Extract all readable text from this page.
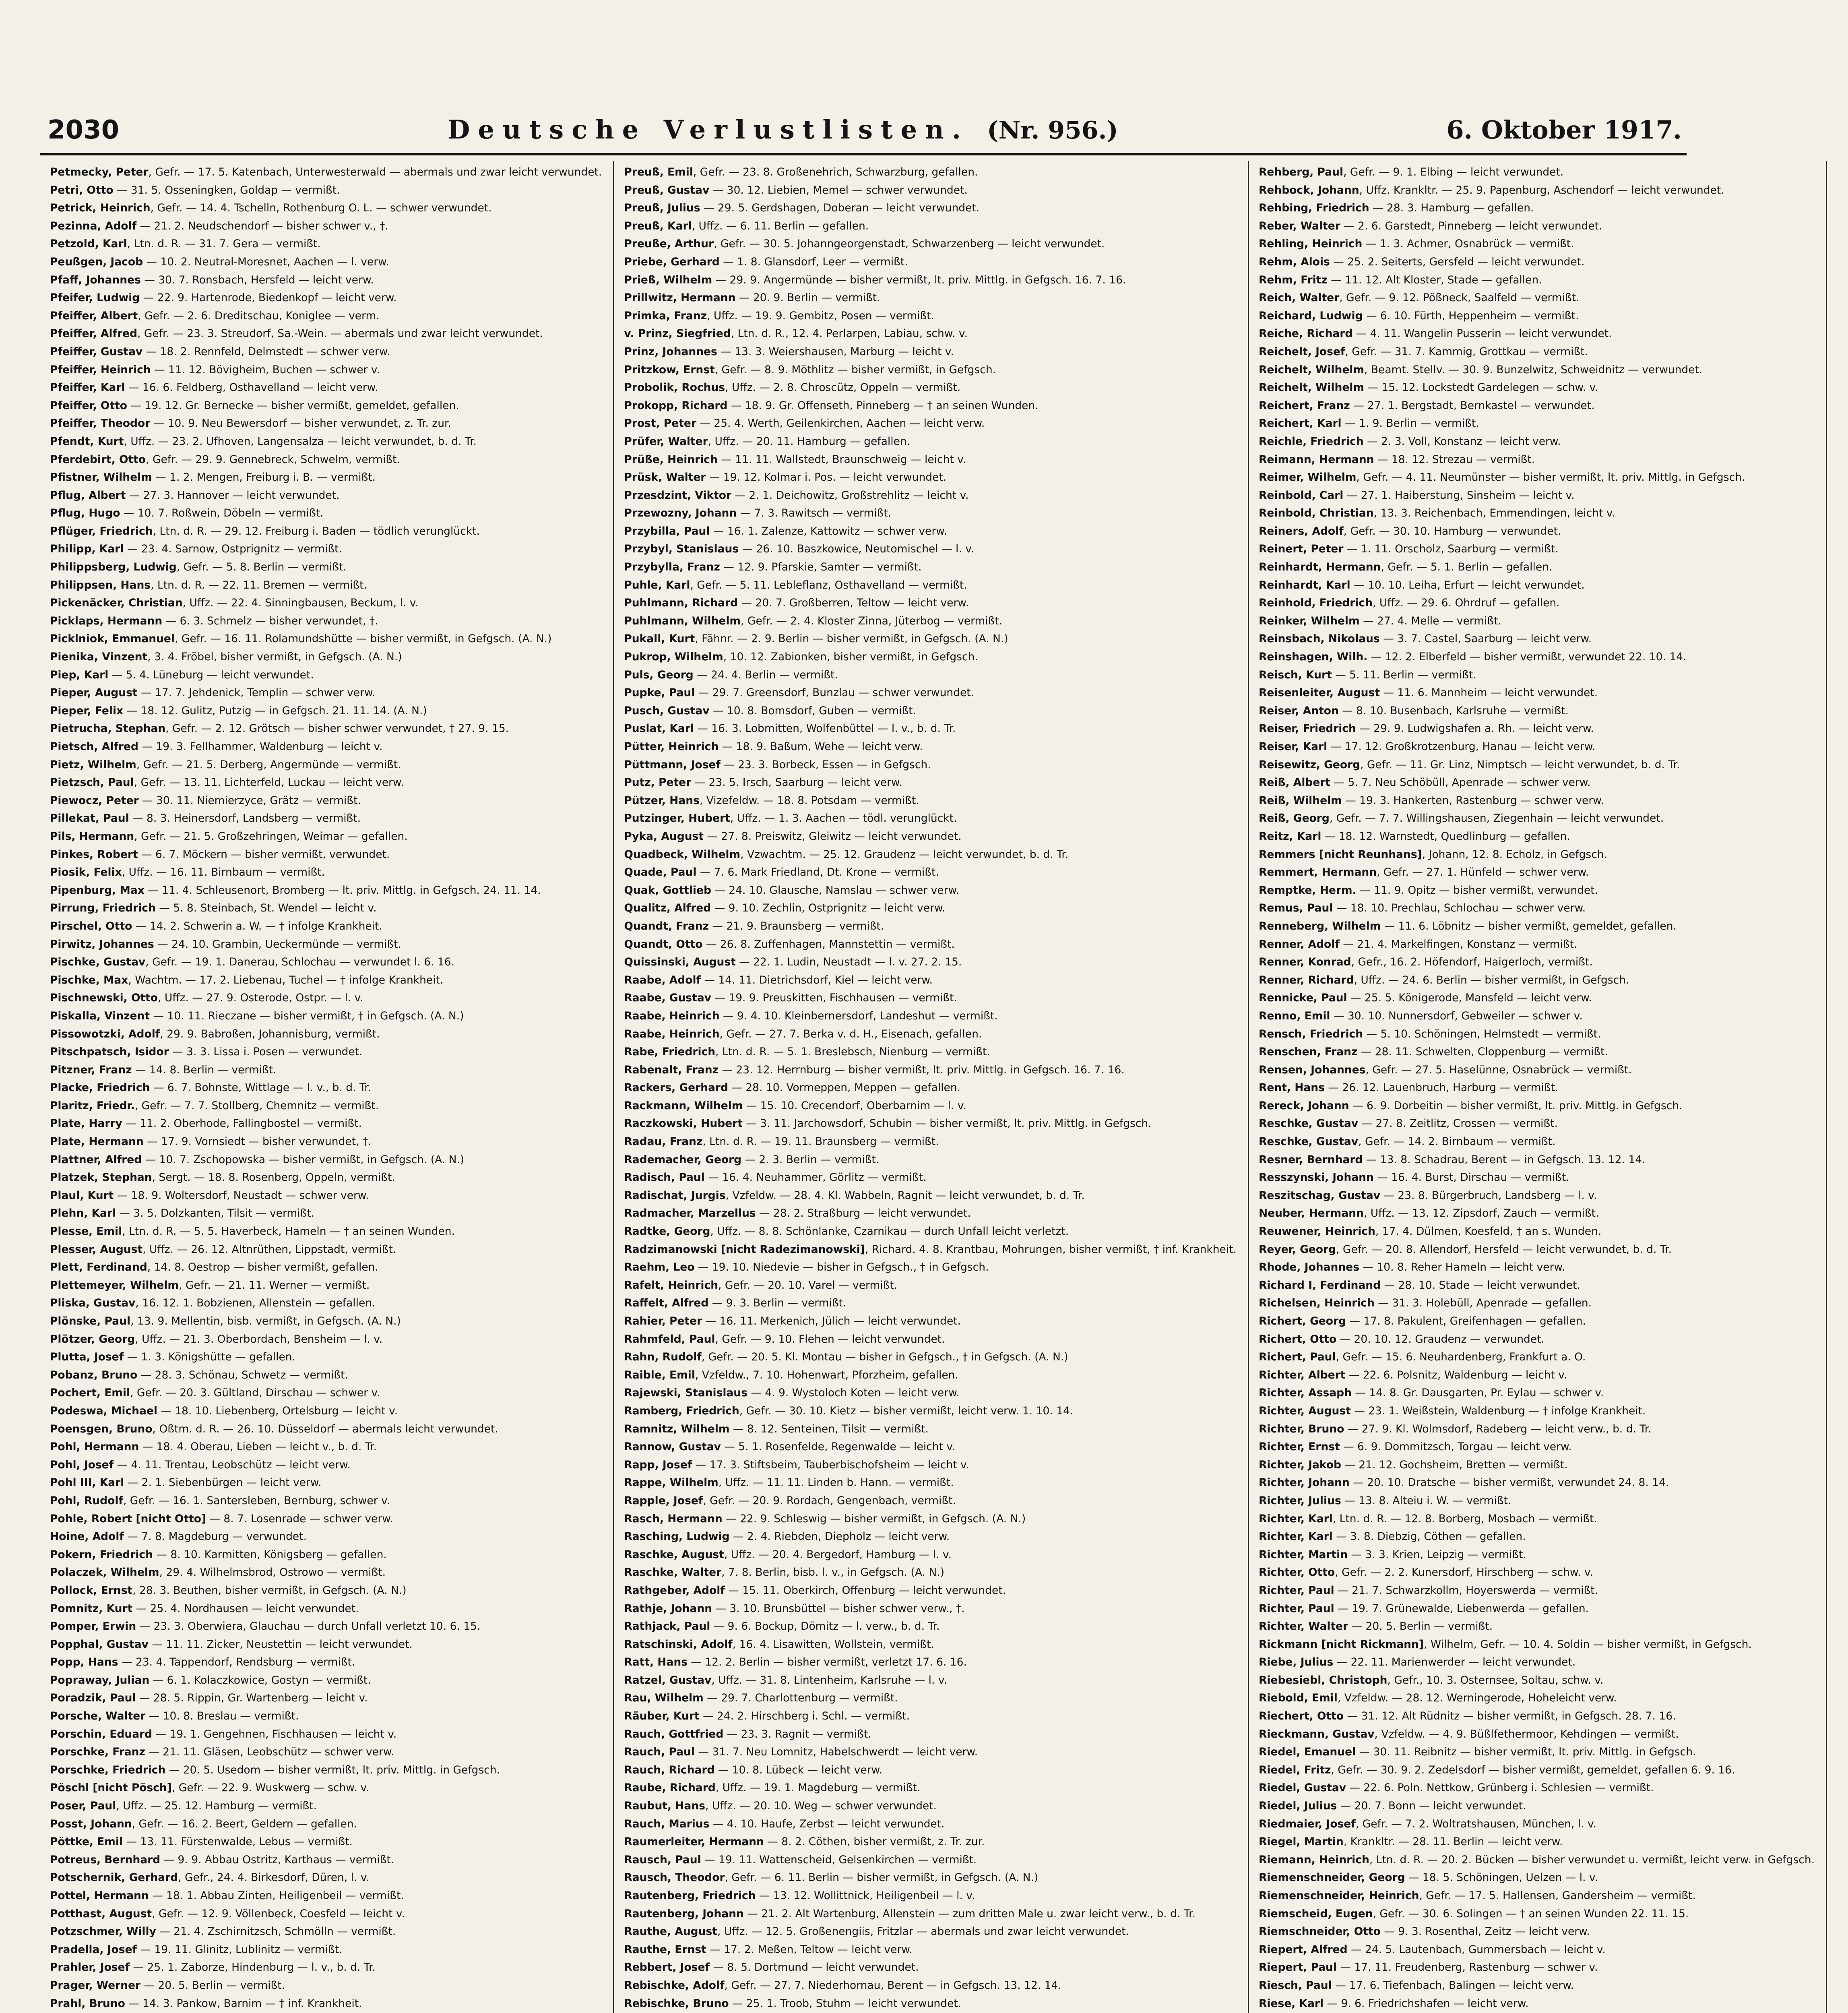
2030	Deutsche Verlustlisten. (Nr. 956.)	6. Oktober 1917.
Petmecky, Peter, Gefr. — 17. 5. Katenbach, Unterwesterwald — abermals und zwar leicht verwundet.
Petri, Otto — 31. 5. Osseningken, Goldap — vermißt.
Petrick, Heinrich, Gefr. — 14. 4. Tschelln, Rothenburg O. L. — schwer verwundet.
Pezinna, Adolf — 21. 2. Neudschendorf — bisher schwer v., †.
Petzold, Karl, Ltn. d. R. — 31. 7. Gera — vermißt.
Peußgen, Jacob — 10. 2. Neutral-Moresnet, Aachen — l. verw.
Pfaff, Johannes — 30. 7. Ronsbach, Hersfeld — leicht verw.
Pfeifer, Ludwig — 22. 9. Hartenrode, Biedenkopf — leicht verw.
Pfeiffer, Albert, Gefr. — 2. 6. Dreditschau, Koniglee — verm.
Pfeiffer, Alfred, Gefr. — 23. 3. Streudorf, Sa.-Wein. — abermals und zwar leicht verwundet.
Pfeiffer, Gustav — 18. 2. Rennfeld, Delmstedt — schwer verw.
Pfeiffer, Heinrich — 11. 12. Bövigheim, Buchen — schwer v.
Pfeiffer, Karl — 16. 6. Feldberg, Osthavelland — leicht verw.
Pfeiffer, Otto — 19. 12. Gr. Bernecke — bisher vermißt, gemeldet, gefallen.
Pfeiffer, Theodor — 10. 9. Neu Bewersdorf — bisher verwundet, z. Tr. zur.
Pfendt, Kurt, Uffz. — 23. 2. Ufhoven, Langensalza — leicht verwundet, b. d. Tr.
Pferdebirt, Otto, Gefr. — 29. 9. Gennebreck, Schwelm, vermißt.
Pfistner, Wilhelm — 1. 2. Mengen, Freiburg i. B. — vermißt.
Pflug, Albert — 27. 3. Hannover — leicht verwundet.
Pflug, Hugo — 10. 7. Roßwein, Döbeln — vermißt.
Pflüger, Friedrich, Ltn. d. R. — 29. 12. Freiburg i. Baden — tödlich verunglückt.
Philipp, Karl — 23. 4. Sarnow, Ostprignitz — vermißt.
Philippsberg, Ludwig, Gefr. — 5. 8. Berlin — vermißt.
Philippsen, Hans, Ltn. d. R. — 22. 11. Bremen — vermißt.
Pickenäcker, Christian, Uffz. — 22. 4. Sinningbausen, Beckum, l. v.
Picklaps, Hermann — 6. 3. Schmelz — bisher verwundet, †.
Picklniok, Emmanuel, Gefr. — 16. 11. Rolamundshütte — bisher vermißt, in Gefgsch. (A. N.)
Pienika, Vinzent, 3. 4. Fröbel, bisher vermißt, in Gefgsch. (A. N.)
Piep, Karl — 5. 4. Lüneburg — leicht verwundet.
Pieper, August — 17. 7. Jehdenick, Templin — schwer verw.
Pieper, Felix — 18. 12. Gulitz, Putzig — in Gefgsch. 21. 11. 14. (A. N.)
Pietrucha, Stephan, Gefr. — 2. 12. Grötsch — bisher schwer verwundet, † 27. 9. 15.
Pietsch, Alfred — 19. 3. Fellhammer, Waldenburg — leicht v.
Pietz, Wilhelm, Gefr. — 21. 5. Derberg, Angermünde — vermißt.
Pietzsch, Paul, Gefr. — 13. 11. Lichterfeld, Luckau — leicht verw.
Piewocz, Peter — 30. 11. Niemierzyce, Grätz — vermißt.
Pillekat, Paul — 8. 3. Heinersdorf, Landsberg — vermißt.
Pils, Hermann, Gefr. — 21. 5. Großzehringen, Weimar — gefallen.
Pinkes, Robert — 6. 7. Möckern — bisher vermißt, verwundet.
Piosik, Felix, Uffz. — 16. 11. Birnbaum — vermißt.
Pipenburg, Max — 11. 4. Schleusenort, Bromberg — lt. priv. Mittlg. in Gefgsch. 24. 11. 14.
Pirrung, Friedrich — 5. 8. Steinbach, St. Wendel — leicht v.
Pirschel, Otto — 14. 2. Schwerin a. W. — † infolge Krankheit.
Pirwitz, Johannes — 24. 10. Grambin, Ueckermünde — vermißt.
Pischke, Gustav, Gefr. — 19. 1. Danerau, Schlochau — verwundet l. 6. 16.
Pischke, Max, Wachtm. — 17. 2. Liebenau, Tuchel — † infolge Krankheit.
Pischnewski, Otto, Uffz. — 27. 9. Osterode, Ostpr. — l. v.
Piskalla, Vinzent — 10. 11. Rieczane — bisher vermißt, † in Gefgsch. (A. N.)
Pissowotzki, Adolf, 29. 9. Babroßen, Johannisburg, vermißt.
Pitschpatsch, Isidor — 3. 3. Lissa i. Posen — verwundet.
Pitzner, Franz — 14. 8. Berlin — vermißt.
Placke, Friedrich — 6. 7. Bohnste, Wittlage — l. v., b. d. Tr.
Plaritz, Friedr., Gefr. — 7. 7. Stollberg, Chemnitz — vermißt.
Plate, Harry — 11. 2. Oberhode, Fallingbostel — vermißt.
Plate, Hermann — 17. 9. Vornsiedt — bisher verwundet, †.
Plattner, Alfred — 10. 7. Zschopowska — bisher vermißt, in Gefgsch. (A. N.)
Platzek, Stephan, Sergt. — 18. 8. Rosenberg, Oppeln, vermißt.
Plaul, Kurt — 18. 9. Woltersdorf, Neustadt — schwer verw.
Plehn, Karl — 3. 5. Dolzkanten, Tilsit — vermißt.
Plesse, Emil, Ltn. d. R. — 5. 5. Haverbeck, Hameln — † an seinen Wunden.
Plesser, August, Uffz. — 26. 12. Altnrüthen, Lippstadt, vermißt.
Plett, Ferdinand, 14. 8. Oestrop — bisher vermißt, gefallen.
Plettemeyer, Wilhelm, Gefr. — 21. 11. Werner — vermißt.
Pliska, Gustav, 16. 12. 1. Bobzienen, Allenstein — gefallen.
Plönske, Paul, 13. 9. Mellentin, bisb. vermißt, in Gefgsch. (A. N.)
Plötzer, Georg, Uffz. — 21. 3. Oberbordach, Bensheim — l. v.
Plutta, Josef — 1. 3. Königshütte — gefallen.
Pobanz, Bruno — 28. 3. Schönau, Schwetz — vermißt.
Pochert, Emil, Gefr. — 20. 3. Gültland, Dirschau — schwer v.
Podeswa, Michael — 18. 10. Liebenberg, Ortelsburg — leicht v.
Poensgen, Bruno, Oßtm. d. R. — 26. 10. Düsseldorf — abermals leicht verwundet.
Pohl, Hermann — 18. 4. Oberau, Lieben — leicht v., b. d. Tr.
Pohl, Josef — 4. 11. Trentau, Leobschütz — leicht verw.
Pohl III, Karl — 2. 1. Siebenbürgen — leicht verw.
Pohl, Rudolf, Gefr. — 16. 1. Santersleben, Bernburg, schwer v.
Pohle, Robert [nicht Otto] — 8. 7. Losenrade — schwer verw.
Hoine, Adolf — 7. 8. Magdeburg — verwundet.
Pokern, Friedrich — 8. 10. Karmitten, Königsberg — gefallen.
Polaczek, Wilhelm, 29. 4. Wilhelmsbrod, Ostrowo — vermißt.
Pollock, Ernst, 28. 3. Beuthen, bisher vermißt, in Gefgsch. (A. N.)
Pomnitz, Kurt — 25. 4. Nordhausen — leicht verwundet.
Pomper, Erwin — 23. 3. Oberwiera, Glauchau — durch Unfall verletzt 10. 6. 15.
Popphal, Gustav — 11. 11. Zicker, Neustettin — leicht verwundet.
Popp, Hans — 23. 4. Tappendorf, Rendsburg — vermißt.
Popraway, Julian — 6. 1. Kolaczkowice, Gostyn — vermißt.
Poradzik, Paul — 28. 5. Rippin, Gr. Wartenberg — leicht v.
Porsche, Walter — 10. 8. Breslau — vermißt.
Porschin, Eduard — 19. 1. Gengehnen, Fischhausen — leicht v.
Porschke, Franz — 21. 11. Gläsen, Leobschütz — schwer verw.
Porschke, Friedrich — 20. 5. Usedom — bisher vermißt, lt. priv. Mittlg. in Gefgsch.
Pöschl [nicht Pösch], Gefr. — 22. 9. Wuskwerg — schw. v.
Poser, Paul, Uffz. — 25. 12. Hamburg — vermißt.
Posst, Johann, Gefr. — 16. 2. Beert, Geldern — gefallen.
Pöttke, Emil — 13. 11. Fürstenwalde, Lebus — vermißt.
Potreus, Bernhard — 9. 9. Abbau Ostritz, Karthaus — vermißt.
Potschernik, Gerhard, Gefr., 24. 4. Birkesdorf, Düren, l. v.
Pottel, Hermann — 18. 1. Abbau Zinten, Heiligenbeil — vermißt.
Potthast, August, Gefr. — 12. 9. Völlenbeck, Coesfeld — leicht v.
Potzschmer, Willy — 21. 4. Zschirnitzsch, Schmölln — vermißt.
Pradella, Josef — 19. 11. Glinitz, Lublinitz — vermißt.
Prahler, Josef — 25. 1. Zaborze, Hindenburg — l. v., b. d. Tr.
Prager, Werner — 20. 5. Berlin — vermißt.
Prahl, Bruno — 14. 3. Pankow, Barnim — † inf. Krankheit.
Preuß, Emil, Gefr. — 23. 8. Großenehrich, Schwarzburg, gefallen.
Preuß, Gustav — 30. 12. Liebien, Memel — schwer verwundet.
Preuß, Julius — 29. 5. Gerdshagen, Doberan — leicht verwundet.
Preuß, Karl, Uffz. — 6. 11. Berlin — gefallen.
Preuße, Arthur, Gefr. — 30. 5. Johanngeorgenstadt, Schwarzenberg — leicht verwundet.
Priebe, Gerhard — 1. 8. Glansdorf, Leer — vermißt.
Prieß, Wilhelm — 29. 9. Angermünde — bisher vermißt, lt. priv. Mittlg. in Gefgsch. 16. 7. 16.
Prillwitz, Hermann — 20. 9. Berlin — vermißt.
Primka, Franz, Uffz. — 19. 9. Gembitz, Posen — vermißt.
v. Prinz, Siegfried, Ltn. d. R., 12. 4. Perlarpen, Labiau, schw. v.
Prinz, Johannes — 13. 3. Weiershausen, Marburg — leicht v.
Pritzkow, Ernst, Gefr. — 8. 9. Möthlitz — bisher vermißt, in Gefgsch.
Probolik, Rochus, Uffz. — 2. 8. Chroscütz, Oppeln — vermißt.
Prokopp, Richard — 18. 9. Gr. Offenseth, Pinneberg — † an seinen Wunden.
Prost, Peter — 25. 4. Werth, Geilenkirchen, Aachen — leicht verw.
Prüfer, Walter, Uffz. — 20. 11. Hamburg — gefallen.
Prüße, Heinrich — 11. 11. Wallstedt, Braunschweig — leicht v.
Prüsk, Walter — 19. 12. Kolmar i. Pos. — leicht verwundet.
Przesdzint, Viktor — 2. 1. Deichowitz, Großstrehlitz — leicht v.
Przewozny, Johann — 7. 3. Rawitsch — vermißt.
Przybilla, Paul — 16. 1. Zalenze, Kattowitz — schwer verw.
Przybyl, Stanislaus — 26. 10. Baszkowice, Neutomischel — l. v.
Przybylla, Franz — 12. 9. Pfarskie, Samter — vermißt.
Puhle, Karl, Gefr. — 5. 11. Lebleflanz, Osthavelland — vermißt.
Puhlmann, Richard — 20. 7. Großberren, Teltow — leicht verw.
Puhlmann, Wilhelm, Gefr. — 2. 4. Kloster Zinna, Jüterbog — vermißt.
Pukall, Kurt, Fähnr. — 2. 9. Berlin — bisher vermißt, in Gefgsch. (A. N.)
Pukrop, Wilhelm, 10. 12. Zabionken, bisher vermißt, in Gefgsch.
Puls, Georg — 24. 4. Berlin — vermißt.
Pupke, Paul — 29. 7. Greensdorf, Bunzlau — schwer verwundet.
Pusch, Gustav — 10. 8. Bomsdorf, Guben — vermißt.
Puslat, Karl — 16. 3. Lobmitten, Wolfenbüttel — l. v., b. d. Tr.
Pütter, Heinrich — 18. 9. Baßum, Wehe — leicht verw.
Püttmann, Josef — 23. 3. Borbeck, Essen — in Gefgsch.
Putz, Peter — 23. 5. Irsch, Saarburg — leicht verw.
Pützer, Hans, Vizefeldw. — 18. 8. Potsdam — vermißt.
Putzinger, Hubert, Uffz. — 1. 3. Aachen — tödl. verunglückt.
Pyka, August — 27. 8. Preiswitz, Gleiwitz — leicht verwundet.
Quadbeck, Wilhelm, Vzwachtm. — 25. 12. Graudenz — leicht verwundet, b. d. Tr.
Quade, Paul — 7. 6. Mark Friedland, Dt. Krone — vermißt.
Quak, Gottlieb — 24. 10. Glausche, Namslau — schwer verw.
Qualitz, Alfred — 9. 10. Zechlin, Ostprignitz — leicht verw.
Quandt, Franz — 21. 9. Braunsberg — vermißt.
Quandt, Otto — 26. 8. Zuffenhagen, Mannstettin — vermißt.
Quissinski, August — 22. 1. Ludin, Neustadt — l. v. 27. 2. 15.
Raabe, Adolf — 14. 11. Dietrichsdorf, Kiel — leicht verw.
Raabe, Gustav — 19. 9. Preuskitten, Fischhausen — vermißt.
Raabe, Heinrich — 9. 4. 10. Kleinbernersdorf, Landeshut — vermißt.
Raabe, Heinrich, Gefr. — 27. 7. Berka v. d. H., Eisenach, gefallen.
Rabe, Friedrich, Ltn. d. R. — 5. 1. Breslebsch, Nienburg — vermißt.
Rabenalt, Franz — 23. 12. Herrnburg — bisher vermißt, lt. priv. Mittlg. in Gefgsch. 16. 7. 16.
Rackers, Gerhard — 28. 10. Vormeppen, Meppen — gefallen.
Rackmann, Wilhelm — 15. 10. Crecendorf, Oberbarnim — l. v.
Raczkowski, Hubert — 3. 11. Jarchowsdorf, Schubin — bisher vermißt, lt. priv. Mittlg. in Gefgsch.
Radau, Franz, Ltn. d. R. — 19. 11. Braunsberg — vermißt.
Rademacher, Georg — 2. 3. Berlin — vermißt.
Radisch, Paul — 16. 4. Neuhammer, Görlitz — vermißt.
Radischat, Jurgis, Vzfeldw. — 28. 4. Kl. Wabbeln, Ragnit — leicht verwundet, b. d. Tr.
Radmacher, Marzellus — 28. 2. Straßburg — leicht verwundet.
Radtke, Georg, Uffz. — 8. 8. Schönlanke, Czarnikau — durch Unfall leicht verletzt.
Radzimanowski [nicht Radezimanowski], Richard. 4. 8. Krantbau, Mohrungen, bisher vermißt, † inf. Krankheit.
Raehm, Leo — 19. 10. Niedevie — bisher in Gefgsch., † in Gefgsch.
Rafelt, Heinrich, Gefr. — 20. 10. Varel — vermißt.
Raffelt, Alfred — 9. 3. Berlin — vermißt.
Rahier, Peter — 16. 11. Merkenich, Jülich — leicht verwundet.
Rahmfeld, Paul, Gefr. — 9. 10. Flehen — leicht verwundet.
Rahn, Rudolf, Gefr. — 20. 5. Kl. Montau — bisher in Gefgsch., † in Gefgsch. (A. N.)
Raible, Emil, Vzfeldw., 7. 10. Hohenwart, Pforzheim, gefallen.
Rajewski, Stanislaus — 4. 9. Wystoloch Koten — leicht verw.
Ramberg, Friedrich, Gefr. — 30. 10. Kietz — bisher vermißt, leicht verw. 1. 10. 14.
Ramnitz, Wilhelm — 8. 12. Senteinen, Tilsit — vermißt.
Rannow, Gustav — 5. 1. Rosenfelde, Regenwalde — leicht v.
Rapp, Josef — 17. 3. Stiftsbeim, Tauberbischofsheim — leicht v.
Rappe, Wilhelm, Uffz. — 11. 11. Linden b. Hann. — vermißt.
Rapple, Josef, Gefr. — 20. 9. Rordach, Gengenbach, vermißt.
Rasch, Hermann — 22. 9. Schleswig — bisher vermißt, in Gefgsch. (A. N.)
Rasching, Ludwig — 2. 4. Riebden, Diepholz — leicht verw.
Raschke, August, Uffz. — 20. 4. Bergedorf, Hamburg — l. v.
Raschke, Walter, 7. 8. Berlin, bisb. l. v., in Gefgsch. (A. N.)
Rathgeber, Adolf — 15. 11. Oberkirch, Offenburg — leicht verwundet.
Rathje, Johann — 3. 10. Brunsbüttel — bisher schwer verw., †.
Rathjack, Paul — 9. 6. Bockup, Dömitz — l. verw., b. d. Tr.
Ratschinski, Adolf, 16. 4. Lisawitten, Wollstein, vermißt.
Ratt, Hans — 12. 2. Berlin — bisher vermißt, verletzt 17. 6. 16.
Ratzel, Gustav, Uffz. — 31. 8. Lintenheim, Karlsruhe — l. v.
Rau, Wilhelm — 29. 7. Charlottenburg — vermißt.
Räuber, Kurt — 24. 2. Hirschberg i. Schl. — vermißt.
Rauch, Gottfried — 23. 3. Ragnit — vermißt.
Rauch, Paul — 31. 7. Neu Lomnitz, Habelschwerdt — leicht verw.
Rauch, Richard — 10. 8. Lübeck — leicht verw.
Raube, Richard, Uffz. — 19. 1. Magdeburg — vermißt.
Raubut, Hans, Uffz. — 20. 10. Weg — schwer verwundet.
Rauch, Marius — 4. 10. Haufe, Zerbst — leicht verwundet.
Raumerleiter, Hermann — 8. 2. Cöthen, bisher vermißt, z. Tr. zur.
Rausch, Paul — 19. 11. Wattenscheid, Gelsenkirchen — vermißt.
Rausch, Theodor, Gefr. — 6. 11. Berlin — bisher vermißt, in Gefgsch. (A. N.)
Rautenberg, Friedrich — 13. 12. Wollittnick, Heiligenbeil — l. v.
Rautenberg, Johann — 21. 2. Alt Wartenburg, Allenstein — zum dritten Male u. zwar leicht verw., b. d. Tr.
Rauthe, August, Uffz. — 12. 5. Großenengiis, Fritzlar — abermals und zwar leicht verwundet.
Rauthe, Ernst — 17. 2. Meßen, Teltow — leicht verw.
Rebbert, Josef — 8. 5. Dortmund — leicht verwundet.
Rebischke, Adolf, Gefr. — 27. 7. Niederhornau, Berent — in Gefgsch. 13. 12. 14.
Rebischke, Bruno — 25. 1. Troob, Stuhm — leicht verwundet.
Rehberg, Paul, Gefr. — 9. 1. Elbing — leicht verwundet.
Rehbock, Johann, Uffz. Krankltr. — 25. 9. Papenburg, Aschendorf — leicht verwundet.
Rehbing, Friedrich — 28. 3. Hamburg — gefallen.
Reber, Walter — 2. 6. Garstedt, Pinneberg — leicht verwundet.
Rehling, Heinrich — 1. 3. Achmer, Osnabrück — vermißt.
Rehm, Alois — 25. 2. Seiterts, Gersfeld — leicht verwundet.
Rehm, Fritz — 11. 12. Alt Kloster, Stade — gefallen.
Reich, Walter, Gefr. — 9. 12. Pößneck, Saalfeld — vermißt.
Reichard, Ludwig — 6. 10. Fürth, Heppenheim — vermißt.
Reiche, Richard — 4. 11. Wangelin Pusserin — leicht verwundet.
Reichelt, Josef, Gefr. — 31. 7. Kammig, Grottkau — vermißt.
Reichelt, Wilhelm, Beamt. Stellv. — 30. 9. Bunzelwitz, Schweidnitz — verwundet.
Reichelt, Wilhelm — 15. 12. Lockstedt Gardelegen — schw. v.
Reichert, Franz — 27. 1. Bergstadt, Bernkastel — verwundet.
Reichert, Karl — 1. 9. Berlin — vermißt.
Reichle, Friedrich — 2. 3. Voll, Konstanz — leicht verw.
Reimann, Hermann — 18. 12. Strezau — vermißt.
Reimer, Wilhelm, Gefr. — 4. 11. Neumünster — bisher vermißt, lt. priv. Mittlg. in Gefgsch.
Reinbold, Carl — 27. 1. Haiberstung, Sinsheim — leicht v.
Reinbold, Christian, 13. 3. Reichenbach, Emmendingen, leicht v.
Reiners, Adolf, Gefr. — 30. 10. Hamburg — verwundet.
Reinert, Peter — 1. 11. Orscholz, Saarburg — vermißt.
Reinhardt, Hermann, Gefr. — 5. 1. Berlin — gefallen.
Reinhardt, Karl — 10. 10. Leiha, Erfurt — leicht verwundet.
Reinhold, Friedrich, Uffz. — 29. 6. Ohrdruf — gefallen.
Reinker, Wilhelm — 27. 4. Melle — vermißt.
Reinsbach, Nikolaus — 3. 7. Castel, Saarburg — leicht verw.
Reinshagen, Wilh. — 12. 2. Elberfeld — bisher vermißt, verwundet 22. 10. 14.
Reisch, Kurt — 5. 11. Berlin — vermißt.
Reisenleiter, August — 11. 6. Mannheim — leicht verwundet.
Reiser, Anton — 8. 10. Busenbach, Karlsruhe — vermißt.
Reiser, Friedrich — 29. 9. Ludwigshafen a. Rh. — leicht verw.
Reiser, Karl — 17. 12. Großkrotzenburg, Hanau — leicht verw.
Reisewitz, Georg, Gefr. — 11. Gr. Linz, Nimptsch — leicht verwundet, b. d. Tr.
Reiß, Albert — 5. 7. Neu Schöbüll, Apenrade — schwer verw.
Reiß, Wilhelm — 19. 3. Hankerten, Rastenburg — schwer verw.
Reiß, Georg, Gefr. — 7. 7. Willingshausen, Ziegenhain — leicht verwundet.
Reitz, Karl — 18. 12. Warnstedt, Quedlinburg — gefallen.
Remmers [nicht Reunhans], Johann, 12. 8. Echolz, in Gefgsch.
Remmert, Hermann, Gefr. — 27. 1. Hünfeld — schwer verw.
Remptke, Herm. — 11. 9. Opitz — bisher vermißt, verwundet.
Remus, Paul — 18. 10. Prechlau, Schlochau — schwer verw.
Renneberg, Wilhelm — 11. 6. Löbnitz — bisher vermißt, gemeldet, gefallen.
Renner, Adolf — 21. 4. Markelfingen, Konstanz — vermißt.
Renner, Konrad, Gefr., 16. 2. Höfendorf, Haigerloch, vermißt.
Renner, Richard, Uffz. — 24. 6. Berlin — bisher vermißt, in Gefgsch.
Rennicke, Paul — 25. 5. Königerode, Mansfeld — leicht verw.
Renno, Emil — 30. 10. Nunnersdorf, Gebweiler — schwer v.
Rensch, Friedrich — 5. 10. Schöningen, Helmstedt — vermißt.
Renschen, Franz — 28. 11. Schwelten, Cloppenburg — vermißt.
Rensen, Johannes, Gefr. — 27. 5. Haselünne, Osnabrück — vermißt.
Rent, Hans — 26. 12. Lauenbruch, Harburg — vermißt.
Rereck, Johann — 6. 9. Dorbeitin — bisher vermißt, lt. priv. Mittlg. in Gefgsch.
Reschke, Gustav — 27. 8. Zeitlitz, Crossen — vermißt.
Reschke, Gustav, Gefr. — 14. 2. Birnbaum — vermißt.
Resner, Bernhard — 13. 8. Schadrau, Berent — in Gefgsch. 13. 12. 14.
Resszynski, Johann — 16. 4. Burst, Dirschau — vermißt.
Reszitschag, Gustav — 23. 8. Bürgerbruch, Landsberg — l. v.
Neuber, Hermann, Uffz. — 13. 12. Zipsdorf, Zauch — vermißt.
Reuwener, Heinrich, 17. 4. Dülmen, Koesfeld, † an s. Wunden.
Reyer, Georg, Gefr. — 20. 8. Allendorf, Hersfeld — leicht verwundet, b. d. Tr.
Rhode, Johannes — 10. 8. Reher Hameln — leicht verw.
Richard I, Ferdinand — 28. 10. Stade — leicht verwundet.
Richelsen, Heinrich — 31. 3. Holebüll, Apenrade — gefallen.
Richert, Georg — 17. 8. Pakulent, Greifenhagen — gefallen.
Richert, Otto — 20. 10. 12. Graudenz — verwundet.
Richert, Paul, Gefr. — 15. 6. Neuhardenberg, Frankfurt a. O.
Richter, Albert — 22. 6. Polsnitz, Waldenburg — leicht v.
Richter, Assaph — 14. 8. Gr. Dausgarten, Pr. Eylau — schwer v.
Richter, August — 23. 1. Weißstein, Waldenburg — † infolge Krankheit.
Richter, Bruno — 27. 9. Kl. Wolmsdorf, Radeberg — leicht verw., b. d. Tr.
Richter, Ernst — 6. 9. Dommitzsch, Torgau — leicht verw.
Richter, Jakob — 21. 12. Gochsheim, Bretten — vermißt.
Richter, Johann — 20. 10. Dratsche — bisher vermißt, verwundet 24. 8. 14.
Richter, Julius — 13. 8. Alteiu i. W. — vermißt.
Richter, Karl, Ltn. d. R. — 12. 8. Borberg, Mosbach — vermißt.
Richter, Karl — 3. 8. Diebzig, Cöthen — gefallen.
Richter, Martin — 3. 3. Krien, Leipzig — vermißt.
Richter, Otto, Gefr. — 2. 2. Kunersdorf, Hirschberg — schw. v.
Richter, Paul — 21. 7. Schwarzkollm, Hoyerswerda — vermißt.
Richter, Paul — 19. 7. Grünewalde, Liebenwerda — gefallen.
Richter, Walter — 20. 5. Berlin — vermißt.
Rickmann [nicht Rickmann], Wilhelm, Gefr. — 10. 4. Soldin — bisher vermißt, in Gefgsch.
Riebe, Julius — 22. 11. Marienwerder — leicht verwundet.
Riebesiebl, Christoph, Gefr., 10. 3. Osternsee, Soltau, schw. v.
Riebold, Emil, Vzfeldw. — 28. 12. Werningerode, Hoheleicht verw.
Riechert, Otto — 31. 12. Alt Rüdnitz — bisher vermißt, in Gefgsch. 28. 7. 16.
Rieckmann, Gustav, Vzfeldw. — 4. 9. Büßlfethermoor, Kehdingen — vermißt.
Riedel, Emanuel — 30. 11. Reibnitz — bisher vermißt, lt. priv. Mittlg. in Gefgsch.
Riedel, Fritz, Gefr. — 30. 9. 2. Zedelsdorf — bisher vermißt, gemeldet, gefallen 6. 9. 16.
Riedel, Gustav — 22. 6. Poln. Nettkow, Grünberg i. Schlesien — vermißt.
Riedel, Julius — 20. 7. Bonn — leicht verwundet.
Riedmaier, Josef, Gefr. — 7. 2. Woltratshausen, München, l. v.
Riegel, Martin, Krankltr. — 28. 11. Berlin — leicht verw.
Riemann, Heinrich, Ltn. d. R. — 20. 2. Bücken — bisher verwundet u. vermißt, leicht verw. in Gefgsch.
Riemenschneider, Georg — 18. 5. Schöningen, Uelzen — l. v.
Riemenschneider, Heinrich, Gefr. — 17. 5. Hallensen, Gandersheim — vermißt.
Riemscheid, Eugen, Gefr. — 30. 6. Solingen — † an seinen Wunden 22. 11. 15.
Riemschneider, Otto — 9. 3. Rosenthal, Zeitz — leicht verw.
Riepert, Alfred — 24. 5. Lautenbach, Gummersbach — leicht v.
Riepert, Paul — 17. 11. Freudenberg, Rastenburg — schwer v.
Riesch, Paul — 17. 6. Tiefenbach, Balingen — leicht verw.
Riese, Karl — 9. 6. Friedrichshafen — leicht verw.
